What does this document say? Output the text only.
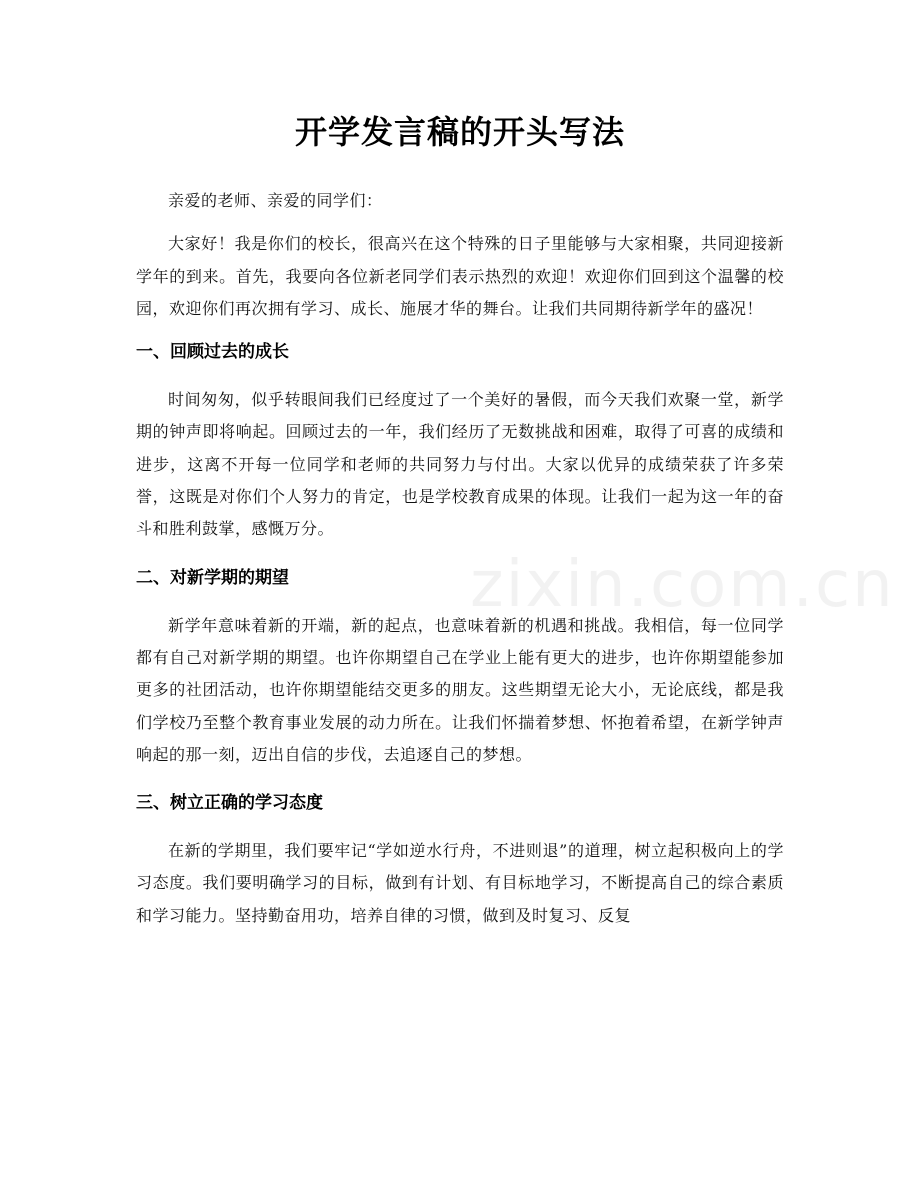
开学发言稿的开头写法

亲爱的老师、亲爱的同学们：

大家好！我是你们的校长，很高兴在这个特殊的日子里能够与大家相聚，共同迎接新学年的到来。首先，我要向各位新老同学们表示热烈的欢迎！欢迎你们回到这个温馨的校园，欢迎你们再次拥有学习、成长、施展才华的舞台。让我们共同期待新学年的盛况！

一、回顾过去的成长

时间匆匆，似乎转眼间我们已经度过了一个美好的暑假，而今天我们欢聚一堂，新学期的钟声即将响起。回顾过去的一年，我们经历了无数挑战和困难，取得了可喜的成绩和进步，这离不开每一位同学和老师的共同努力与付出。大家以优异的成绩荣获了许多荣誉，这既是对你们个人努力的肯定，也是学校教育成果的体现。让我们一起为这一年的奋斗和胜利鼓掌，感慨万分。

二、对新学期的期望

新学年意味着新的开端，新的起点，也意味着新的机遇和挑战。我相信，每一位同学都有自己对新学期的期望。也许你期望自己在学业上能有更大的进步，也许你期望能参加更多的社团活动，也许你期望能结交更多的朋友。这些期望无论大小，无论底线，都是我们学校乃至整个教育事业发展的动力所在。让我们怀揣着梦想、怀抱着希望，在新学钟声响起的那一刻，迈出自信的步伐，去追逐自己的梦想。

三、树立正确的学习态度

在新的学期里，我们要牢记“学如逆水行舟，不进则退”的道理，树立起积极向上的学习态度。我们要明确学习的目标，做到有计划、有目标地学习，不断提高自己的综合素质和学习能力。坚持勤奋用功，培养自律的习惯，做到及时复习、反复

zixin.com.cn
